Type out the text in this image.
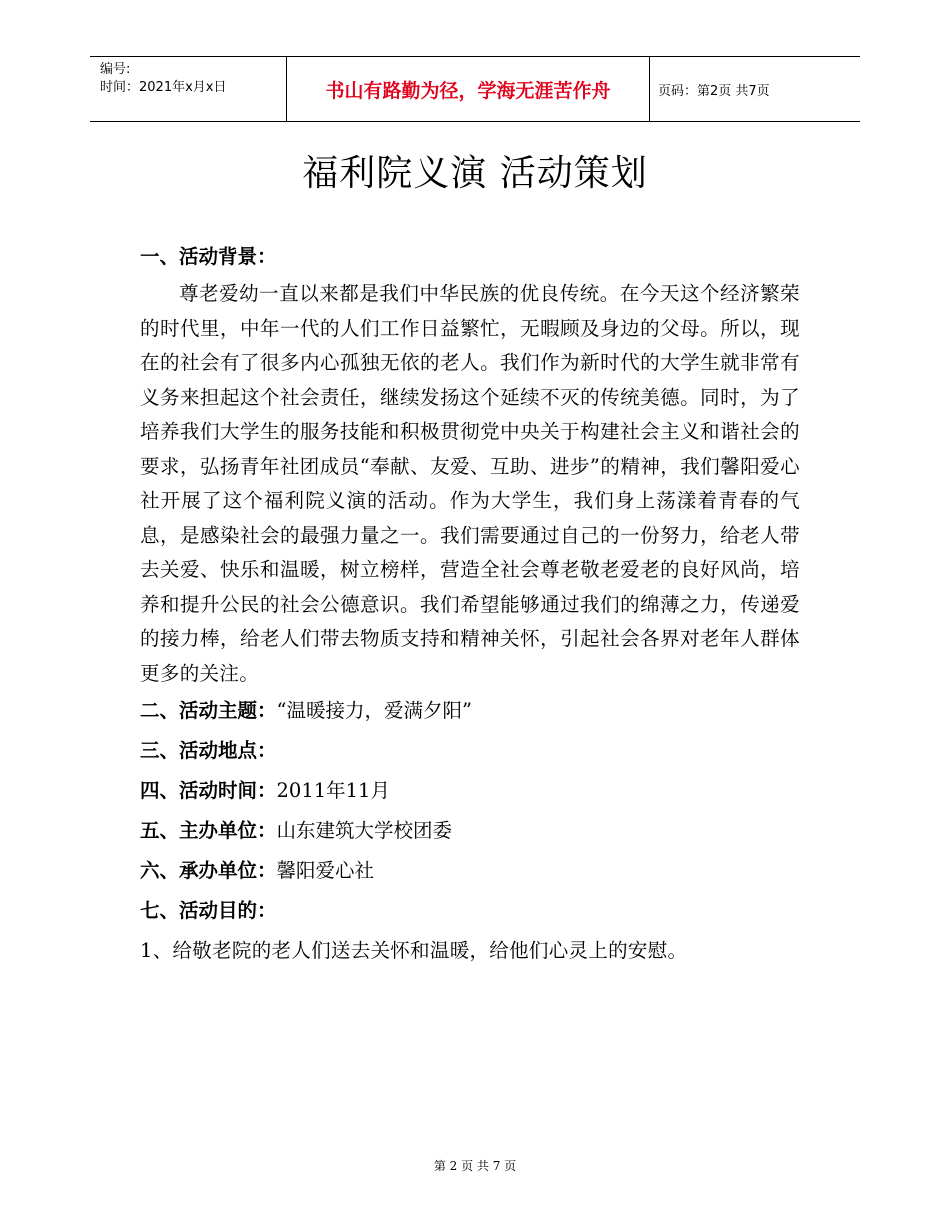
编号:
时间：2021年x月x日	书山有路勤为径，学海无涯苦作舟	页码：第2页 共7页
福利院义演 活动策划

一、活动背景：

尊老爱幼一直以来都是我们中华民族的优良传统。在今天这个经济繁荣的时代里，中年一代的人们工作日益繁忙，无暇顾及身边的父母。所以，现在的社会有了很多内心孤独无依的老人。我们作为新时代的大学生就非常有义务来担起这个社会责任，继续发扬这个延续不灭的传统美德。同时，为了培养我们大学生的服务技能和积极贯彻党中央关于构建社会主义和谐社会的要求，弘扬青年社团成员“奉献、友爱、互助、进步”的精神，我们馨阳爱心社开展了这个福利院义演的活动。作为大学生，我们身上荡漾着青春的气息，是感染社会的最强力量之一。我们需要通过自己的一份努力，给老人带去关爱、快乐和温暖，树立榜样，营造全社会尊老敬老爱老的良好风尚，培养和提升公民的社会公德意识。我们希望能够通过我们的绵薄之力，传递爱的接力棒，给老人们带去物质支持和精神关怀，引起社会各界对老年人群体更多的关注。

二、活动主题：“温暖接力，爱满夕阳”

三、活动地点：

四、活动时间：2011年11月

五、主办单位：山东建筑大学校团委

六、承办单位：馨阳爱心社

七、活动目的：

1、给敬老院的老人们送去关怀和温暖，给他们心灵上的安慰。

第 2 页 共 7 页
